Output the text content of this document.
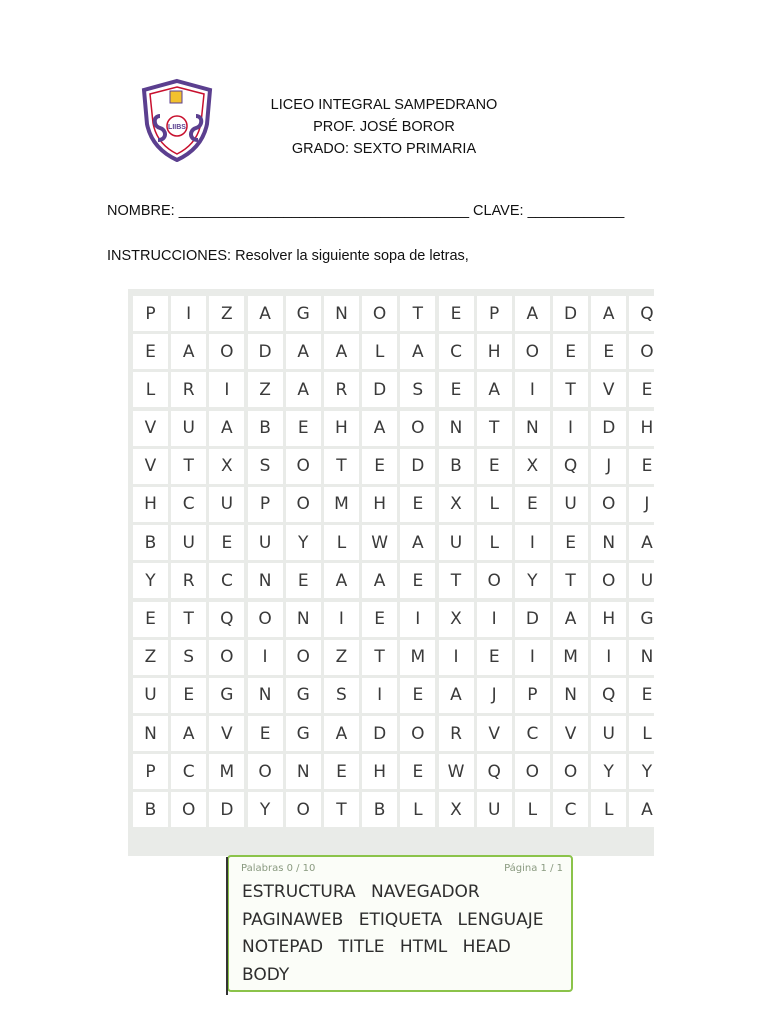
LIIBS
LICEO INTEGRAL SAMPEDRANO
PROF. JOSÉ BOROR
GRADO: SEXTO PRIMARIA
NOMBRE: ____________________________________ CLAVE: ____________
INSTRUCCIONES: Resolver la siguiente sopa de letras,
P	I	Z	A	G	N	O	T	E	P	A	D	A	Q
E	A	O	D	A	A	L	A	C	H	O	E	E	O
L	R	I	Z	A	R	D	S	E	A	I	T	V	E
V	U	A	B	E	H	A	O	N	T	N	I	D	H
V	T	X	S	O	T	E	D	B	E	X	Q	J	E
H	C	U	P	O	M	H	E	X	L	E	U	O	J
B	U	E	U	Y	L	W	A	U	L	I	E	N	A
Y	R	C	N	E	A	A	E	T	O	Y	T	O	U
E	T	Q	O	N	I	E	I	X	I	D	A	H	G
Z	S	O	I	O	Z	T	M	I	E	I	M	I	N
U	E	G	N	G	S	I	E	A	J	P	N	Q	E
N	A	V	E	G	A	D	O	R	V	C	V	U	L
P	C	M	O	N	E	H	E	W	Q	O	O	Y	Y
B	O	D	Y	O	T	B	L	X	U	L	C	L	A
Palabras 0 / 10	Página 1 / 1
ESTRUCTURA NAVEGADOR PAGINAWEB ETIQUETA LENGUAJE NOTEPAD TITLE HTML HEAD BODY
